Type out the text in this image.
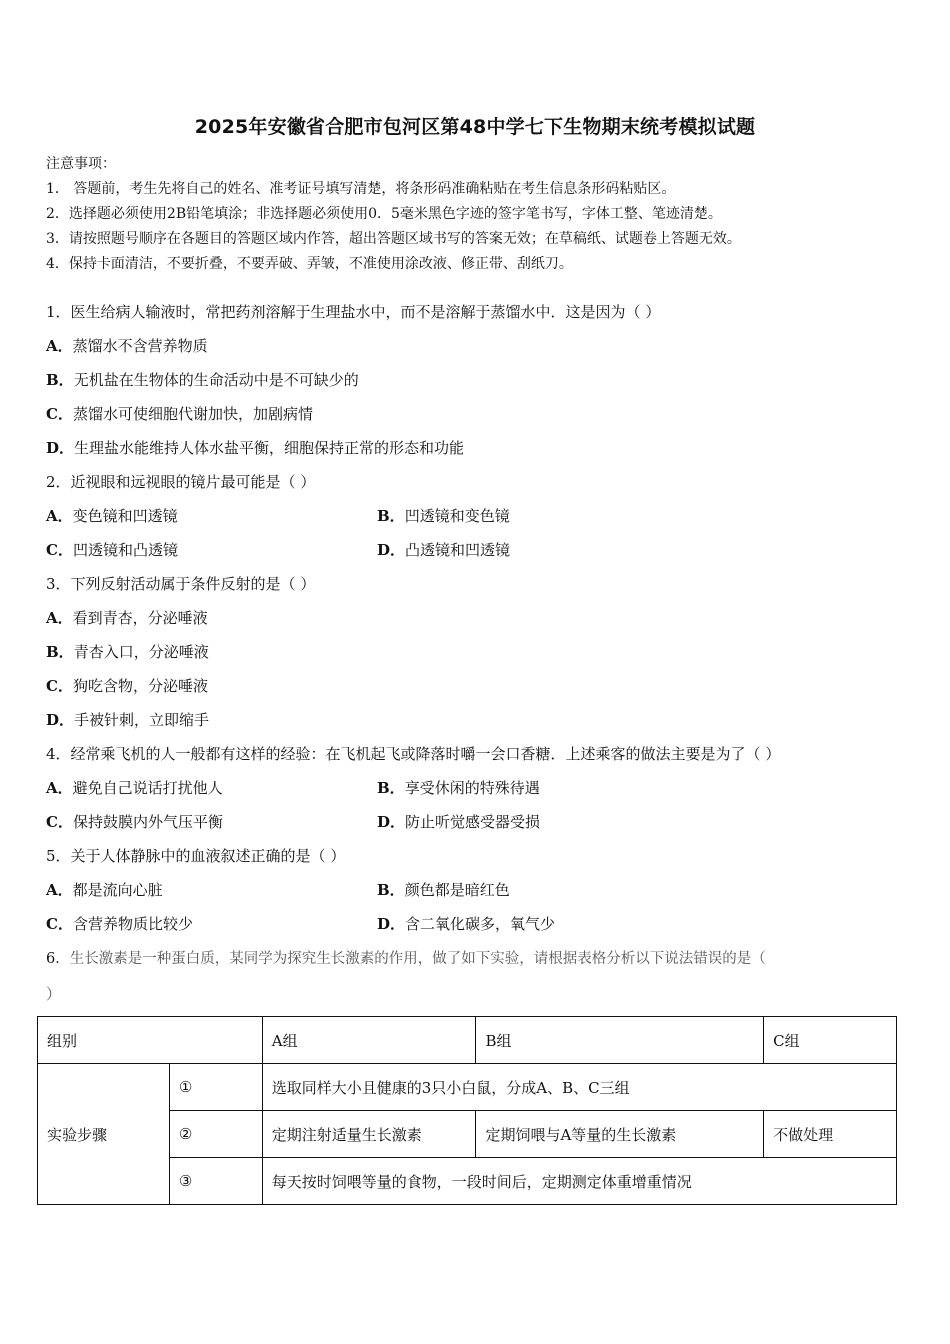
2025年安徽省合肥市包河区第48中学七下生物期末统考模拟试题
注意事项：
1． 答题前，考生先将自己的姓名、准考证号填写清楚，将条形码准确粘贴在考生信息条形码粘贴区。
2．选择题必须使用2B铅笔填涂；非选择题必须使用0．5毫米黑色字迹的签字笔书写，字体工整、笔迹清楚。
3．请按照题号顺序在各题目的答题区域内作答，超出答题区域书写的答案无效；在草稿纸、试题卷上答题无效。
4．保持卡面清洁，不要折叠，不要弄破、弄皱，不准使用涂改液、修正带、刮纸刀。
1．医生给病人输液时，常把药剂溶解于生理盐水中，而不是溶解于蒸馏水中．这是因为（ ）
A．蒸馏水不含营养物质
B．无机盐在生物体的生命活动中是不可缺少的
C．蒸馏水可使细胞代谢加快，加剧病情
D．生理盐水能维持人体水盐平衡，细胞保持正常的形态和功能
2．近视眼和远视眼的镜片最可能是（ ）
A．变色镜和凹透镜	B．凹透镜和变色镜
C．凹透镜和凸透镜	D．凸透镜和凹透镜
3．下列反射活动属于条件反射的是（ ）
A．看到青杏，分泌唾液
B．青杏入口，分泌唾液
C．狗吃含物，分泌唾液
D．手被针刺，立即缩手
4．经常乘飞机的人一般都有这样的经验：在飞机起飞或降落时嚼一会口香糖．上述乘客的做法主要是为了（ ）
A．避免自己说话打扰他人	B．享受休闲的特殊待遇
C．保持鼓膜内外气压平衡	D．防止听觉感受器受损
5．关于人体静脉中的血液叙述正确的是（ ）
A．都是流向心脏	B．颜色都是暗红色
C．含营养物质比较少	D．含二氧化碳多，氧气少
6．生长激素是一种蛋白质，某同学为探究生长激素的作用，做了如下实验，请根据表格分析以下说法错误的是（
）
组别		A组	B组	C组
实验步骤	①	选取同样大小且健康的3只小白鼠，分成A、B、C三组		
	②	定期注射适量生长激素	定期饲喂与A等量的生长激素	不做处理
	③	每天按时饲喂等量的食物，一段时间后，定期测定体重增重情况		
